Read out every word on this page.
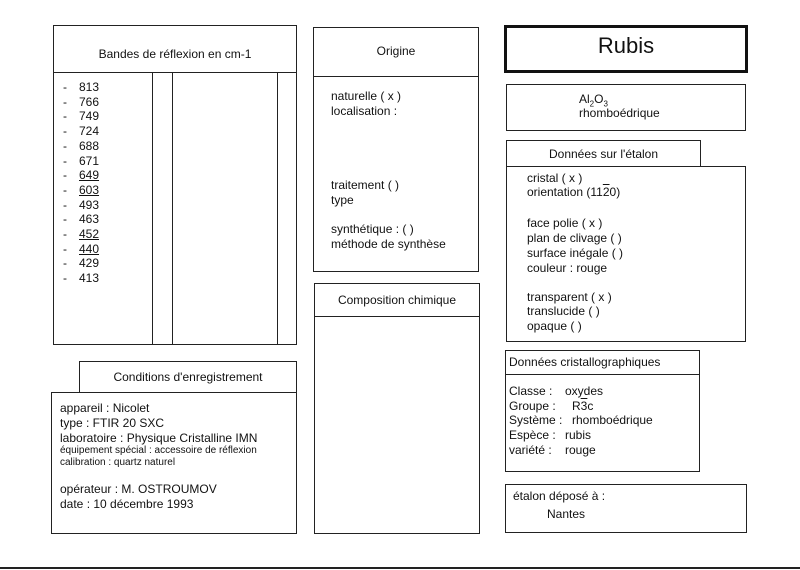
Bandes de réflexion en cm-1
-	813
-	766
-	749
-	724
-	688
-	671
-	649
-	603
-	493
-	463
-	452
-	440
-	429
-	413
Conditions d'enregistrement
appareil : Nicolet
type : FTIR 20 SXC
laboratoire : Physique Cristalline IMN
équipement spécial : accessoire de réflexion
calibration : quartz naturel
opérateur : M. OSTROUMOV
date : 10 décembre 1993
Origine
naturelle ( x )
localisation :
traitement ( )
type
synthétique : ( )
méthode de synthèse
Composition chimique
Rubis
$Al_2O_3$
rhomboédrique
Données sur l'étalon
cristal ( x )
orientation (1120)
face polie ( x )
plan de clivage ( )
surface inégale ( )
couleur : rouge
transparent ( x )
translucide ( )
opaque ( )
Données cristallographiques
Classe : oxydes
Groupe : R3c
Système : rhomboédrique
Espèce : rubis
variété : rouge
étalon déposé à :
Nantes
